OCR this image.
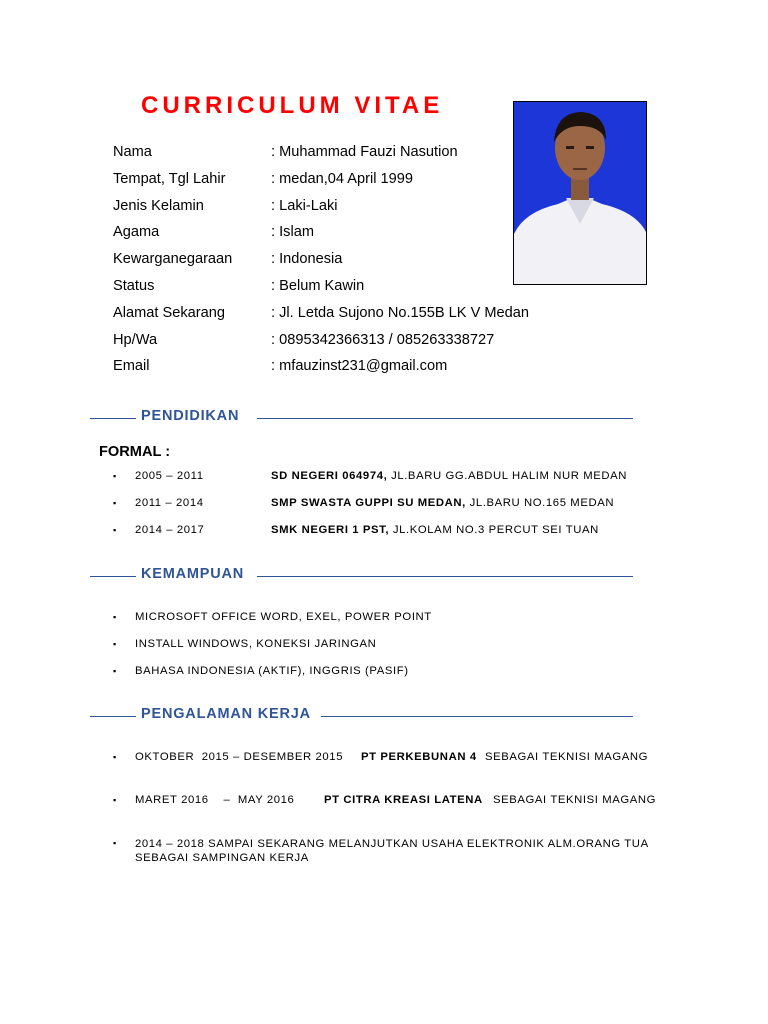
CURRICULUM VITAE
Nama	: Muhammad Fauzi Nasution
Tempat, Tgl Lahir	: medan,04 April 1999
Jenis Kelamin	: Laki-Laki
Agama	: Islam
Kewarganegaraan	: Indonesia
Status	: Belum Kawin
Alamat Sekarang	: Jl. Letda Sujono No.155B LK V Medan
Hp/Wa	: 0895342366313 / 085263338727
Email	: mfauzinst231@gmail.com
PENDIDIKAN
FORMAL :
▪ 2005 – 2011	SD NEGERI 064974, JL.BARU GG.ABDUL HALIM NUR MEDAN
▪ 2011 – 2014	SMP SWASTA GUPPI SU MEDAN, JL.BARU NO.165 MEDAN
▪ 2014 – 2017	SMK NEGERI 1 PST, JL.KOLAM NO.3 PERCUT SEI TUAN
KEMAMPUAN
▪ MICROSOFT OFFICE WORD, EXEL, POWER POINT
▪ INSTALL WINDOWS, KONEKSI JARINGAN
▪ BAHASA INDONESIA (AKTIF), INGGRIS (PASIF)
PENGALAMAN KERJA
▪ OKTOBER  2015 – DESEMBER 2015 PT PERKEBUNAN 4 SEBAGAI TEKNISI MAGANG
▪ MARET 2016    –  MAY 2016	PT CITRA KREASI LATENA SEBAGAI TEKNISI MAGANG
▪ 2014 – 2018 SAMPAI SEKARANG MELANJUTKAN USAHA ELEKTRONIK ALM.ORANG TUA SEBAGAI SAMPINGAN KERJA
